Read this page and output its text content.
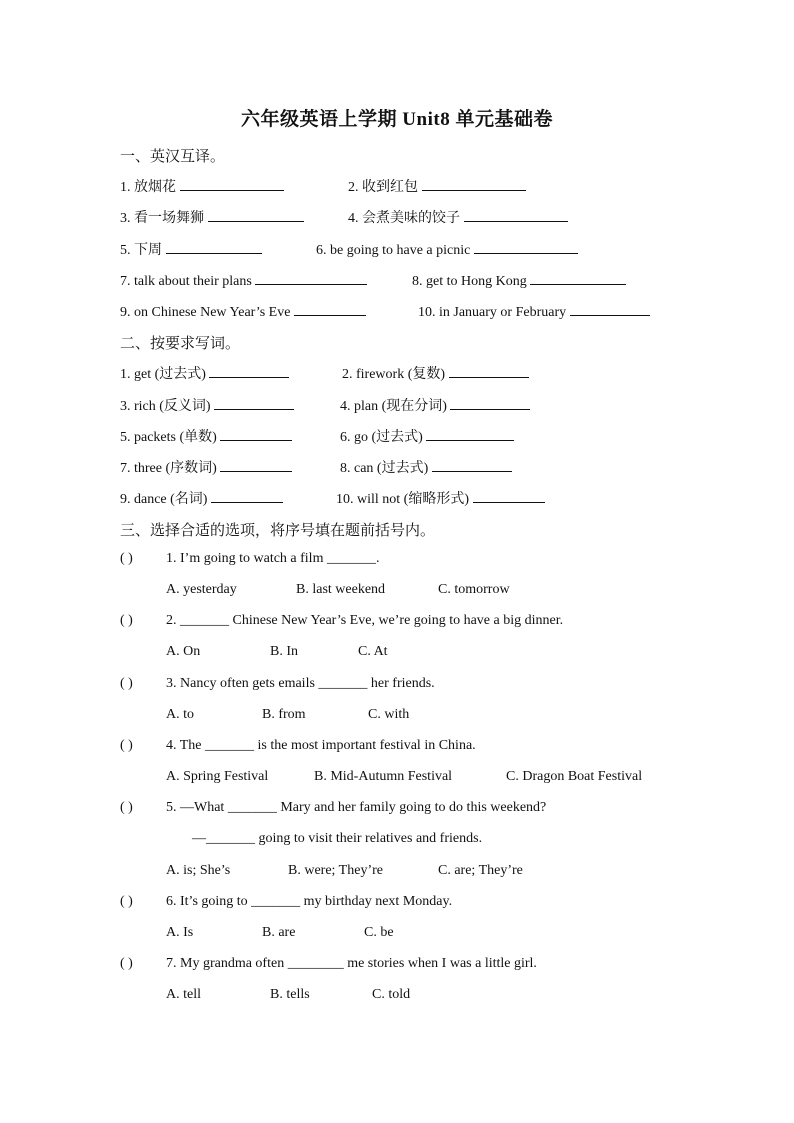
六年级英语上学期 Unit8 单元基础卷
一、英汉互译。
1. 放烟花	2. 收到红包
3. 看一场舞狮	4. 会煮美味的饺子
5. 下周	6. be going to have a picnic
7. talk about their plans	8. get to Hong Kong
9. on Chinese New Year’s Eve	10. in January or February
二、按要求写词。
1. get (过去式)	2. firework (复数)
3. rich (反义词)	4. plan (现在分词)
5. packets (单数)	6. go (过去式)
7. three (序数词)	8. can (过去式)
9. dance (名词)	10. will not (缩略形式)
三、选择合适的选项，将序号填在题前括号内。
( ) 1. I’m going to watch a film _______.
A. yesterday	B. last weekend	C. tomorrow
( ) 2. _______ Chinese New Year’s Eve, we’re going to have a big dinner.
A. On	B. In	C. At
( ) 3. Nancy often gets emails _______ her friends.
A. to	B. from	C. with
( ) 4. The _______ is the most important festival in China.
A. Spring Festival	B. Mid-Autumn Festival	C. Dragon Boat Festival
( ) 5. —What _______ Mary and her family going to do this weekend?
—_______ going to visit their relatives and friends.
A. is; She’s	B. were; They’re	C. are; They’re
( ) 6. It’s going to _______ my birthday next Monday.
A. Is	B. are	C. be
( ) 7. My grandma often ________ me stories when I was a little girl.
A. tell	B. tells	C. told
